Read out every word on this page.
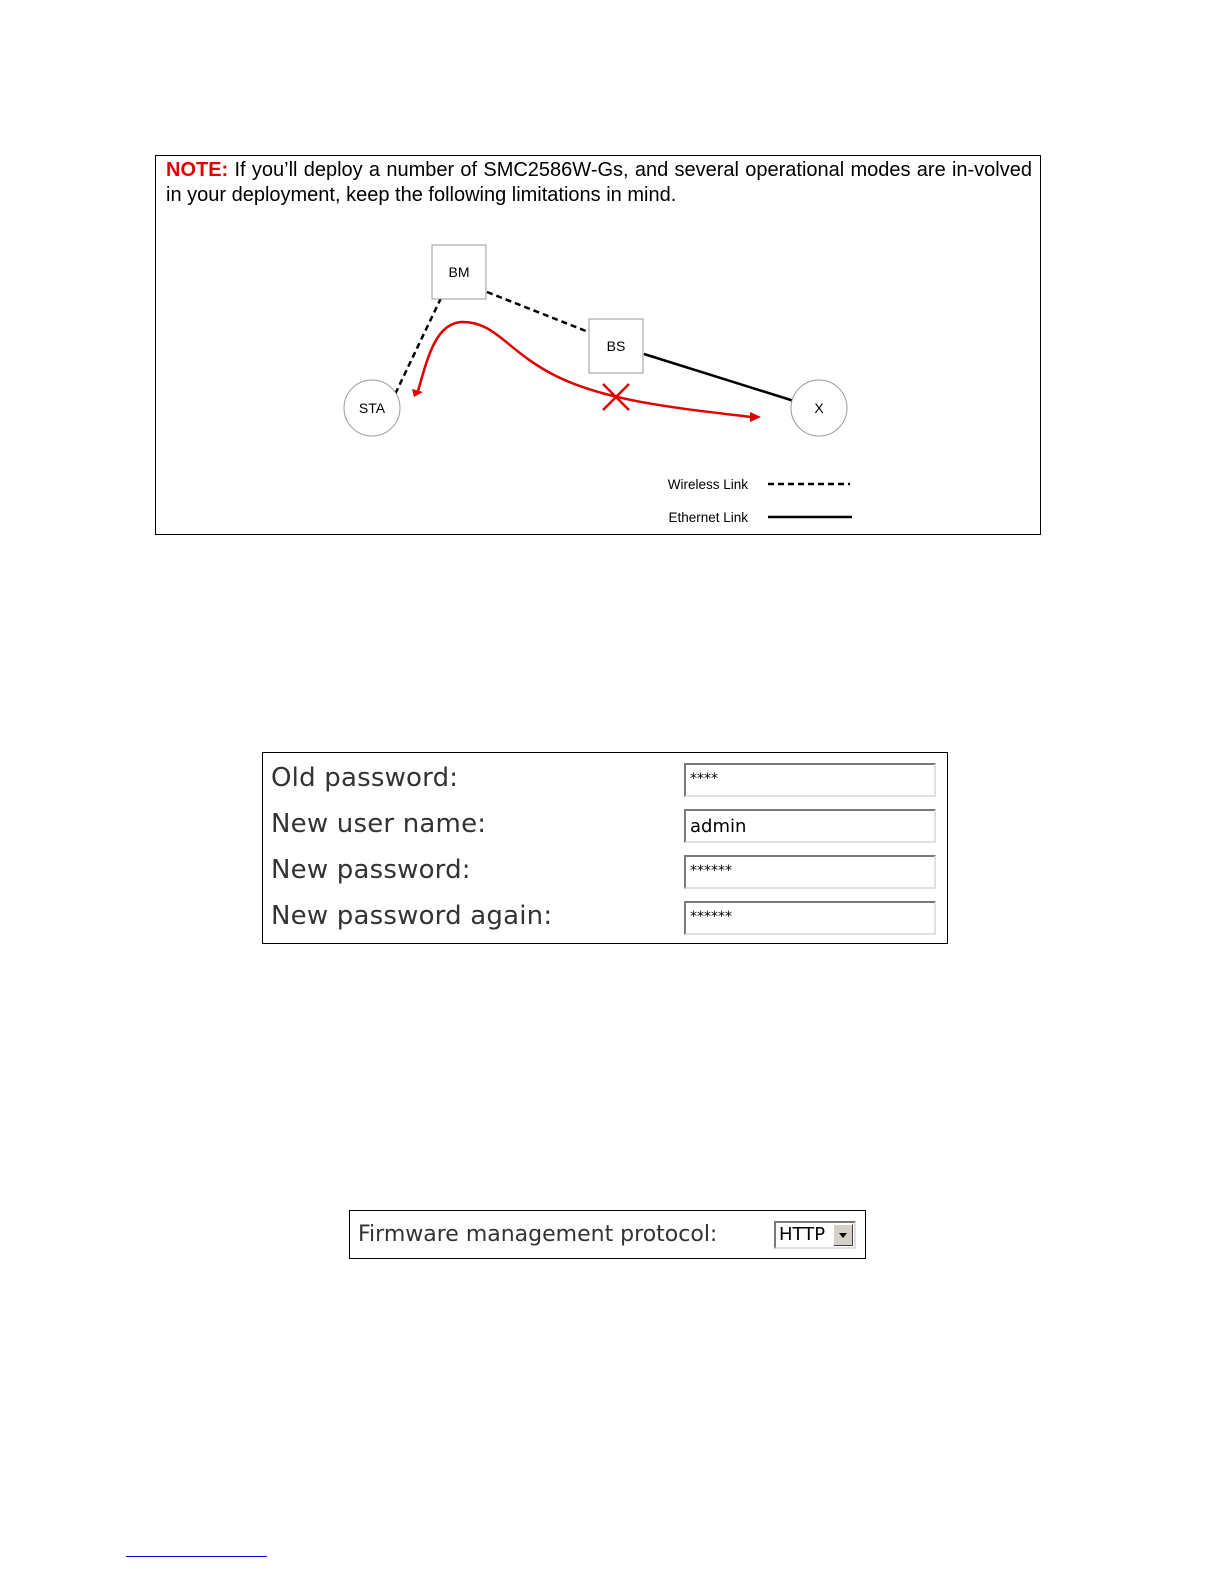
NOTE: If you’ll deploy a number of SMC2586W-Gs, and several operational modes are in-volved in your deployment, keep the following limitations in mind.

BM
BS
STA	X
Wireless Link
Ethernet Link
Old password:
****
New user name:
admin
New password:
******
New password again:
******
Firmware management protocol:	HTTP
